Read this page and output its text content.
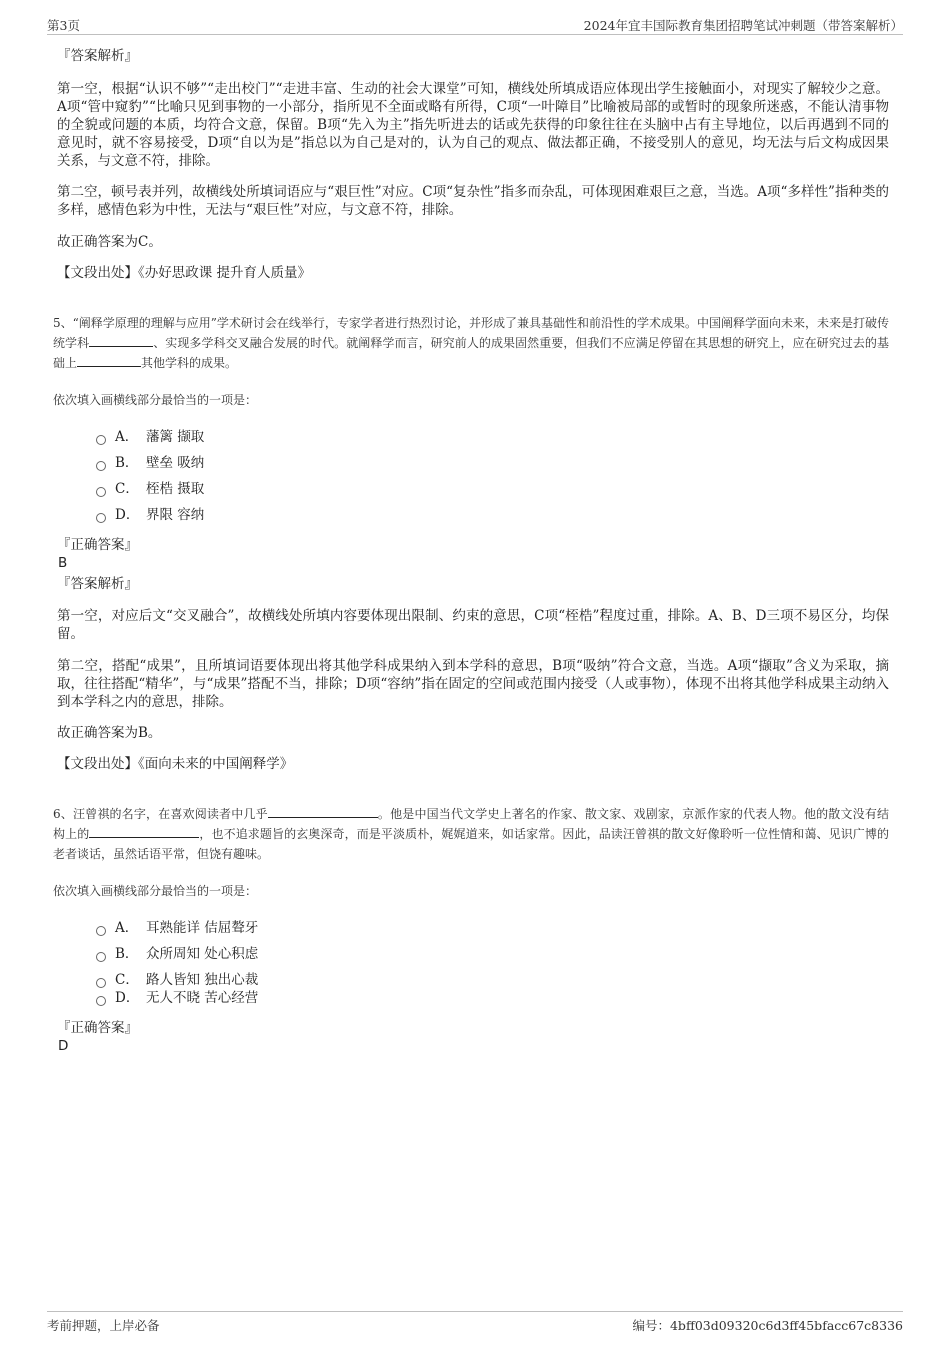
第3页	2024年宜丰国际教育集团招聘笔试冲刺题（带答案解析）
『答案解析』

第一空，根据“认识不够”“走出校门”“走进丰富、生动的社会大课堂”可知，横线处所填成语应体现出学生接触面小，对现实了解较少之意。A项“管中窥豹”“比喻只见到事物的一小部分，指所见不全面或略有所得，C项“一叶障目”比喻被局部的或暂时的现象所迷惑，不能认清事物的全貌或问题的本质，均符合文意，保留。B项“先入为主”指先听进去的话或先获得的印象往往在头脑中占有主导地位，以后再遇到不同的意见时，就不容易接受，D项“自以为是”指总以为自己是对的，认为自己的观点、做法都正确，不接受别人的意见，均无法与后文构成因果关系，与文意不符，排除。

第二空，顿号表并列，故横线处所填词语应与“艰巨性”对应。C项“复杂性”指多而杂乱，可体现困难艰巨之意，当选。A项“多样性”指种类的多样，感情色彩为中性，无法与“艰巨性”对应，与文意不符，排除。

故正确答案为C。

【文段出处】《办好思政课 提升育人质量》
5、“阐释学原理的理解与应用”学术研讨会在线举行，专家学者进行热烈讨论，并形成了兼具基础性和前沿性的学术成果。中国阐释学面向未来，未来是打破传统学科	、实现多学科交叉融合发展的时代。就阐释学而言，研究前人的成果固然重要，但我们不应满足停留在其思想的研究上，应在研究过去的基础上	其他学科的成果。
依次填入画横线部分最恰当的一项是：
A． 藩篱 撷取
B． 壁垒 吸纳
C． 桎梏 摄取
D． 界限 容纳
『正确答案』
B
『答案解析』

第一空，对应后文“交叉融合”，故横线处所填内容要体现出限制、约束的意思，C项“桎梏”程度过重，排除。A、B、D三项不易区分，均保留。

第二空，搭配“成果”，且所填词语要体现出将其他学科成果纳入到本学科的意思，B项“吸纳”符合文意，当选。A项“撷取”含义为采取，摘取，往往搭配“精华”，与“成果”搭配不当，排除；D项“容纳”指在固定的空间或范围内接受（人或事物），体现不出将其他学科成果主动纳入到本学科之内的意思，排除。

故正确答案为B。

【文段出处】《面向未来的中国阐释学》
6、汪曾祺的名字，在喜欢阅读者中几乎	。他是中国当代文学史上著名的作家、散文家、戏剧家，京派作家的代表人物。他的散文没有结构上的	，也不追求题旨的玄奥深奇，而是平淡质朴，娓娓道来，如话家常。因此，品读汪曾祺的散文好像聆听一位性情和蔼、见识广博的老者谈话，虽然话语平常，但饶有趣味。
依次填入画横线部分最恰当的一项是：
A． 耳熟能详 佶屈聱牙
B． 众所周知 处心积虑
C． 路人皆知 独出心裁
D． 无人不晓 苦心经营
『正确答案』
D
考前押题，上岸必备	编号：4bff03d09320c6d3ff45bfacc67c8336
